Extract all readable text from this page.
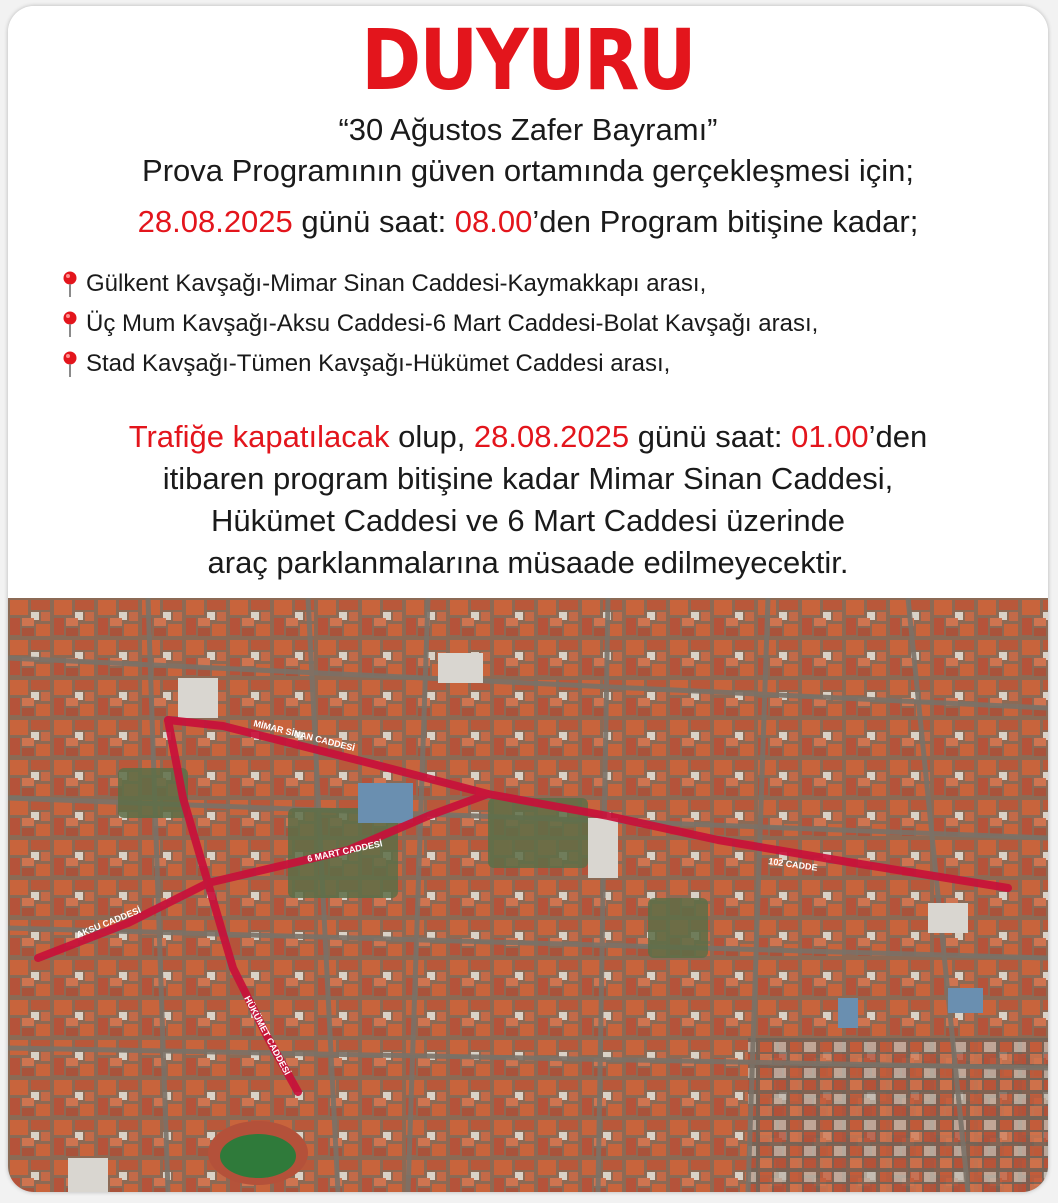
DUYURU
“30 Ağustos Zafer Bayramı”
Prova Programının güven ortamında gerçekleşmesi için;
28.08.2025 günü saat: 08.00’den Program bitişine kadar;
Gülkent Kavşağı-Mimar Sinan Caddesi-Kaymakkapı arası,
Üç Mum Kavşağı-Aksu Caddesi-6 Mart Caddesi-Bolat Kavşağı arası,
Stad Kavşağı-Tümen Kavşağı-Hükümet Caddesi arası,
Trafiğe kapatılacak olup, 28.08.2025 günü saat: 01.00’den
itibaren program bitişine kadar Mimar Sinan Caddesi,
Hükümet Caddesi ve 6 Mart Caddesi üzerinde
araç parklanmalarına müsaade edilmeyecektir.
MİMAR SİNAN CADDESİ
6 MART CADDESİ
AKSU CADDESİ
102 CADDE
HÜKÜMET CADDESİ
